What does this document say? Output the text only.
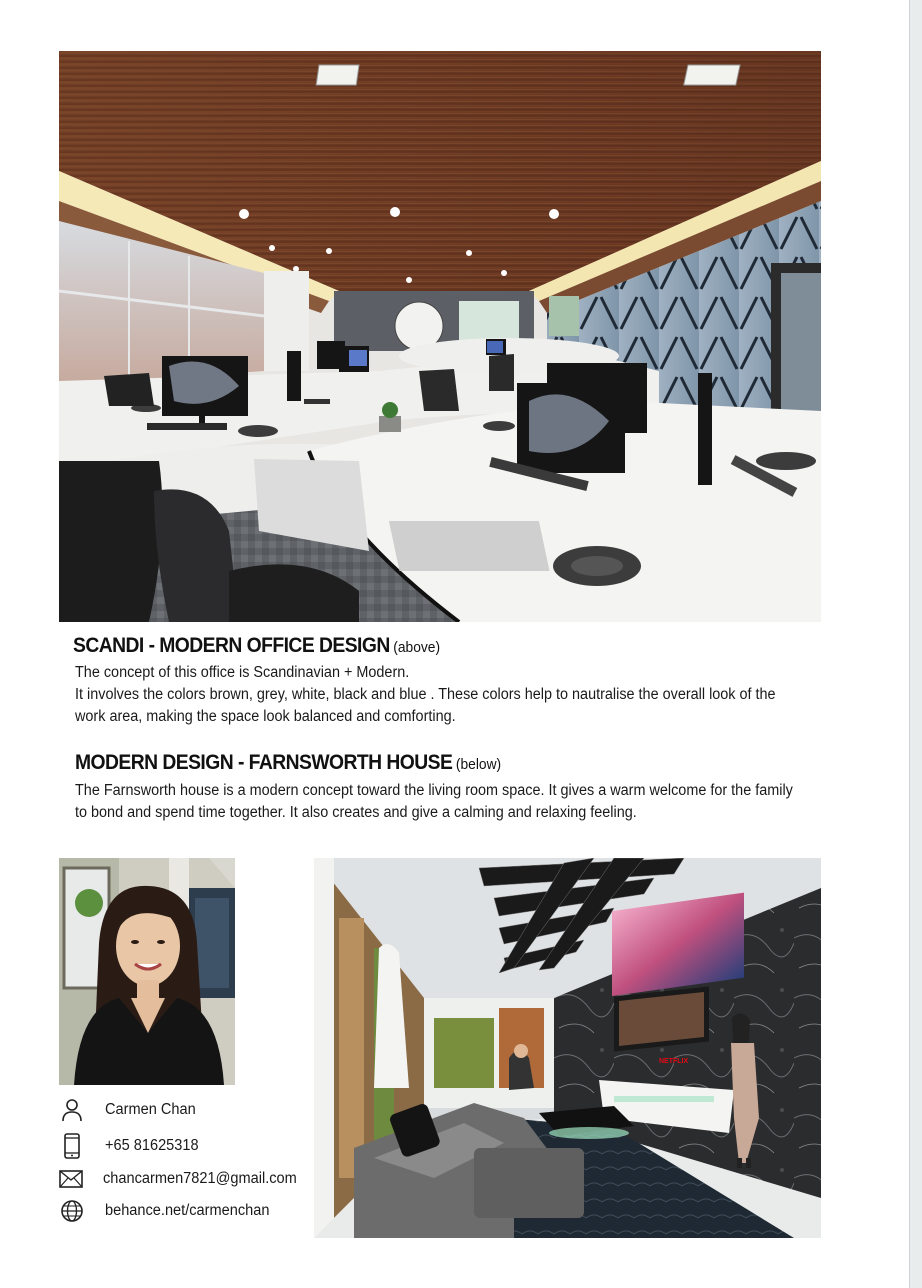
SCANDI - MODERN OFFICE DESIGN (above)

The concept of this office is Scandinavian + Modern.

It involves the colors brown, grey, white, black and blue . These colors help to nautralise the overall look of the work area, making the space look balanced and comforting.

MODERN DESIGN - FARNSWORTH HOUSE (below)

The Farnsworth house is a modern concept toward the living room space. It gives a warm welcome for the family to bond and spend time together. It also creates and give a calming and relaxing feeling.

Carmen Chan
+65 81625318
chancarmen7821@gmail.com
behance.net/carmenchan
NETFLIX
